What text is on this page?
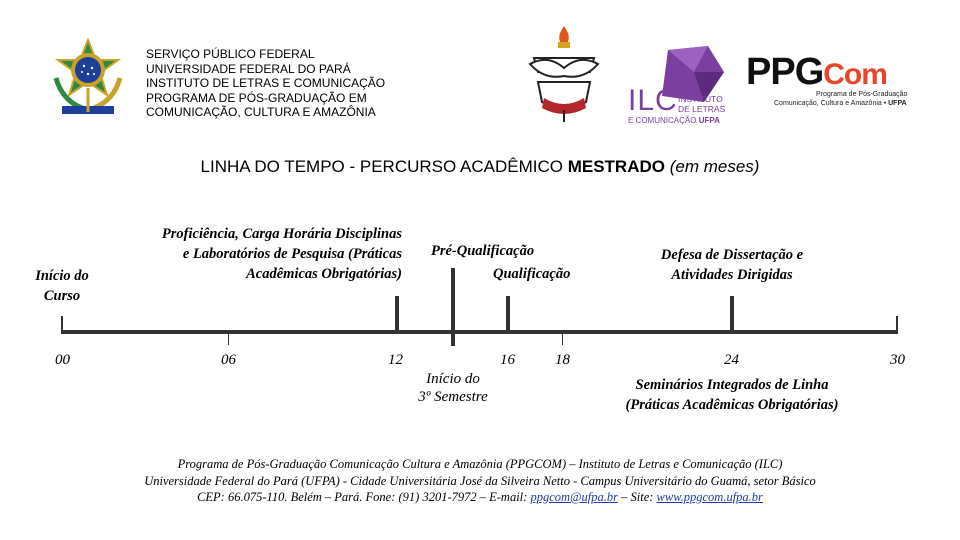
SERVIÇO PÚBLICO FEDERAL
UNIVERSIDADE FEDERAL DO PARÁ
INSTITUTO DE LETRAS E COMUNICAÇÃO
PROGRAMA DE PÓS-GRADUAÇÃO EM
COMUNICAÇÃO, CULTURA E AMAZÔNIA	ILC INSTITUTO
DE LETRAS
E COMUNICAÇÃO UFPA
PPGCom
Programa de Pós-Graduação
Comunicação, Cultura e Amazônia • UFPA
LINHA DO TEMPO - PERCURSO ACADÊMICO MESTRADO (em meses)
Início do
Curso
Proficiência, Carga Horária Disciplinas
e Laboratórios de Pesquisa (Práticas
Acadêmicas Obrigatórias)
Pré-Qualificação
Qualificação
Defesa de Dissertação e
Atividades Dirigidas
00	06	12	16	18	24	30
Início do
3º Semestre
Seminários Integrados de Linha
(Práticas Acadêmicas Obrigatórias)
Programa de Pós-Graduação Comunicação Cultura e Amazônia (PPGCOM) – Instituto de Letras e Comunicação (ILC)
Universidade Federal do Pará (UFPA) - Cidade Universitária José da Silveira Netto - Campus Universitário do Guamá, setor Básico
CEP: 66.075-110. Belém – Pará. Fone: (91) 3201-7972 – E-mail: ppgcom@ufpa.br – Site: www.ppgcom.ufpa.br
